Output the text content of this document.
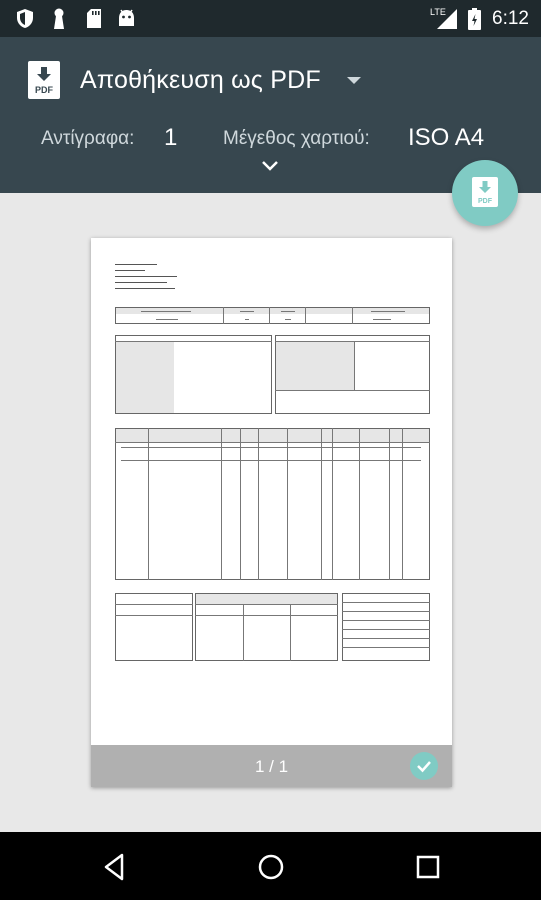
LTE 6:12
PDF Αποθήκευση ως PDF
Αντίγραφα: 1 Μέγεθος χαρτιού: ISO A4
PDF
1 / 1
